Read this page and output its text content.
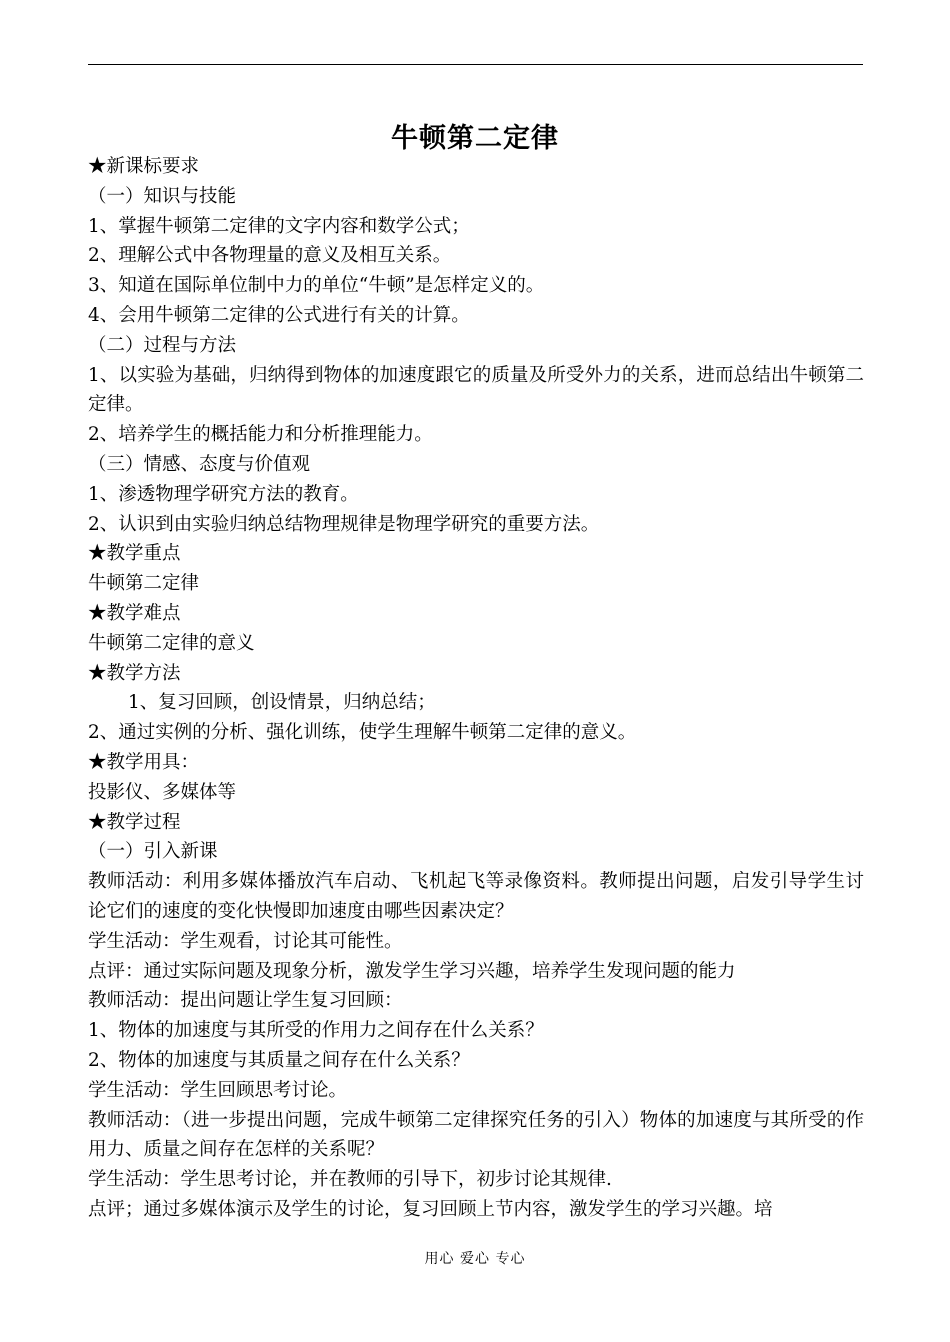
牛顿第二定律
★新课标要求
（一）知识与技能
1、掌握牛顿第二定律的文字内容和数学公式；
2、理解公式中各物理量的意义及相互关系。
3、知道在国际单位制中力的单位“牛顿”是怎样定义的。
4、会用牛顿第二定律的公式进行有关的计算。
（二）过程与方法
1、以实验为基础，归纳得到物体的加速度跟它的质量及所受外力的关系，进而总结出牛顿第二定律。
2、培养学生的概括能力和分析推理能力。
（三）情感、态度与价值观
1、渗透物理学研究方法的教育。
2、认识到由实验归纳总结物理规律是物理学研究的重要方法。
★教学重点
牛顿第二定律
★教学难点
牛顿第二定律的意义
★教学方法
1、复习回顾，创设情景，归纳总结；
2、通过实例的分析、强化训练，使学生理解牛顿第二定律的意义。
★教学用具：
投影仪、多媒体等
★教学过程
（一）引入新课
教师活动：利用多媒体播放汽车启动、飞机起飞等录像资料。教师提出问题，启发引导学生讨论它们的速度的变化快慢即加速度由哪些因素决定？
学生活动：学生观看，讨论其可能性。
点评：通过实际问题及现象分析，激发学生学习兴趣，培养学生发现问题的能力
教师活动：提出问题让学生复习回顾：
1、物体的加速度与其所受的作用力之间存在什么关系？
2、物体的加速度与其质量之间存在什么关系？
学生活动：学生回顾思考讨论。
教师活动：（进一步提出问题，完成牛顿第二定律探究任务的引入）物体的加速度与其所受的作用力、质量之间存在怎样的关系呢？
学生活动：学生思考讨论，并在教师的引导下，初步讨论其规律.
点评；通过多媒体演示及学生的讨论，复习回顾上节内容，激发学生的学习兴趣。培
用心 爱心 专心
